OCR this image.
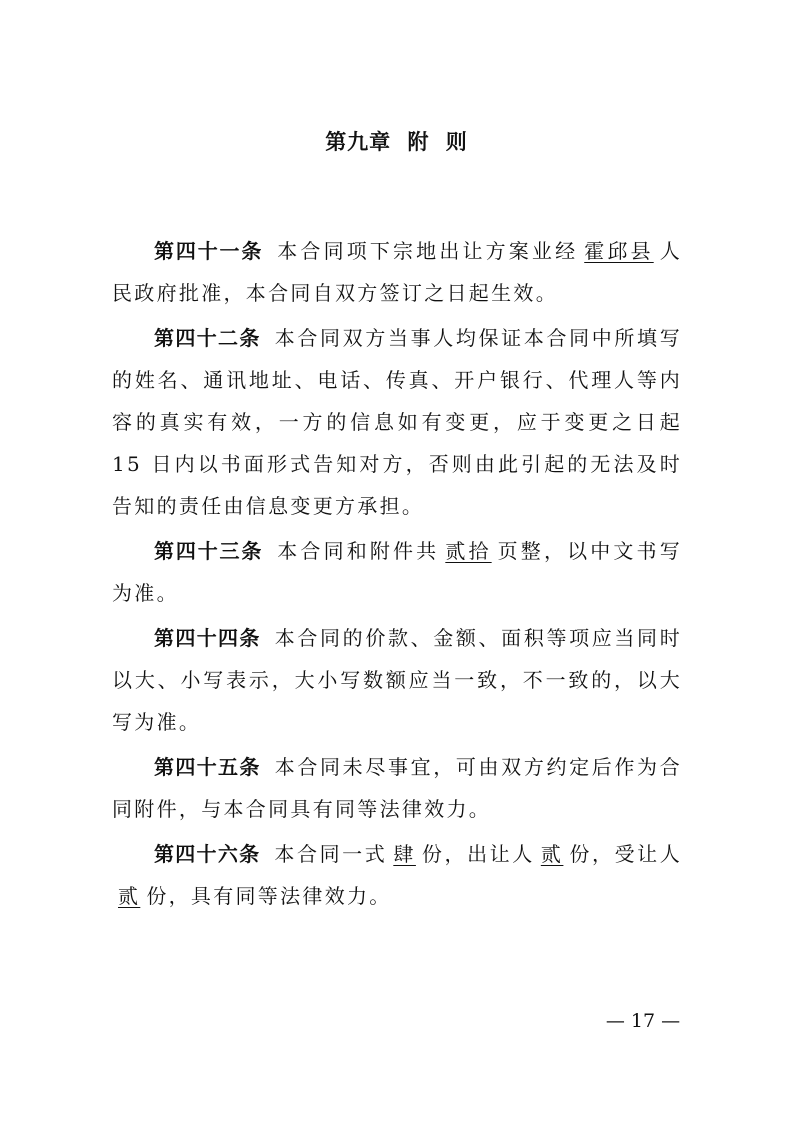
第九章 附 则

第四十一条 本合同项下宗地出让方案业经 霍邱县 人民政府批准，本合同自双方签订之日起生效。

第四十二条 本合同双方当事人均保证本合同中所填写的姓名、通讯地址、电话、传真、开户银行、代理人等内容的真实有效，一方的信息如有变更，应于变更之日起 15 日内以书面形式告知对方，否则由此引起的无法及时告知的责任由信息变更方承担。

第四十三条 本合同和附件共 贰拾 页整，以中文书写为准。

第四十四条 本合同的价款、金额、面积等项应当同时以大、小写表示，大小写数额应当一致，不一致的，以大写为准。

第四十五条 本合同未尽事宜，可由双方约定后作为合同附件，与本合同具有同等法律效力。

第四十六条 本合同一式 肆 份，出让人 贰 份，受让人贰 份，具有同等法律效力。

— 17 —
